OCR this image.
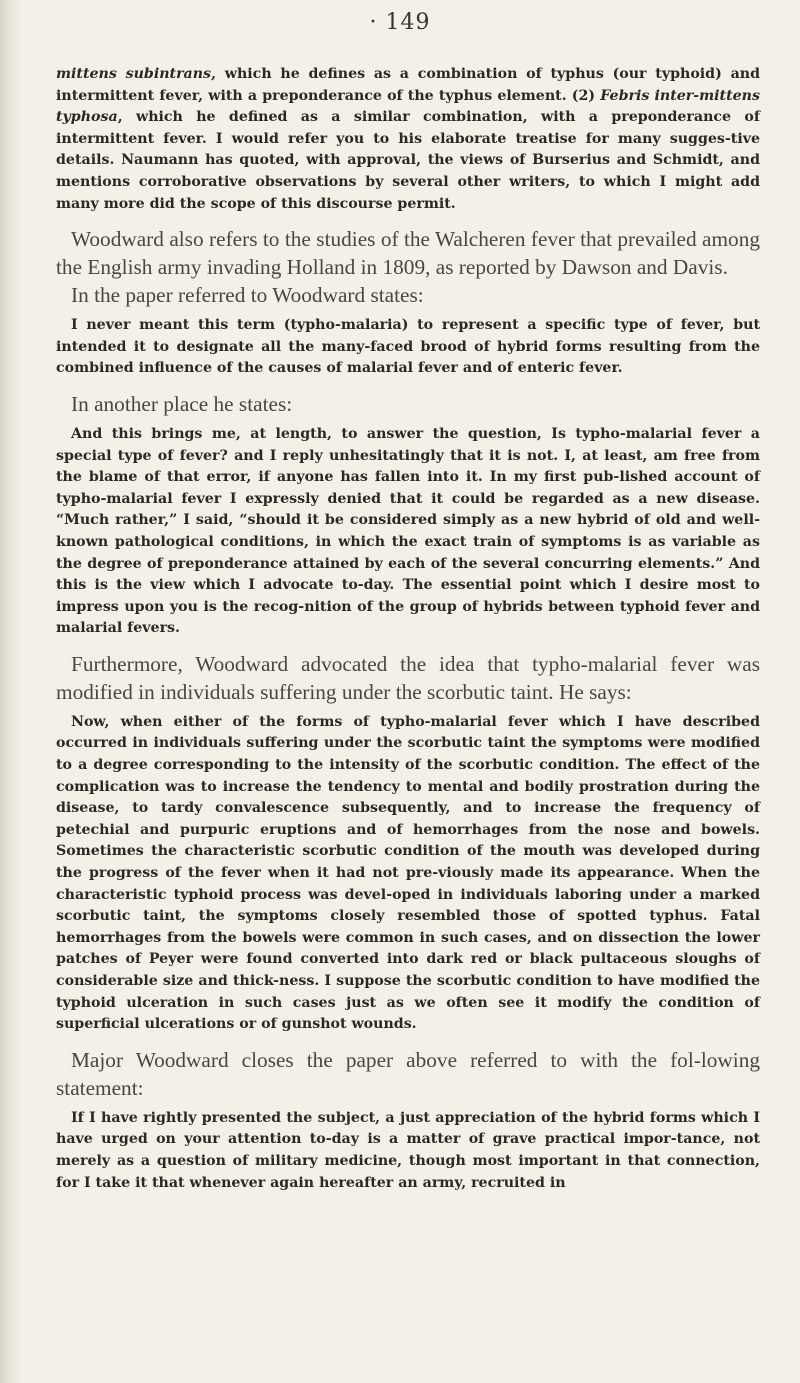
· 149

mittens subintrans, which he defines as a combination of typhus (our typhoid) and intermittent fever, with a preponderance of the typhus element. (2) Febris inter-mittens typhosa, which he defined as a similar combination, with a preponderance of intermittent fever. I would refer you to his elaborate treatise for many sugges-tive details. Naumann has quoted, with approval, the views of Burserius and Schmidt, and mentions corroborative observations by several other writers, to which I might add many more did the scope of this discourse permit.

Woodward also refers to the studies of the Walcheren fever that prevailed among the English army invading Holland in 1809, as reported by Dawson and Davis.

In the paper referred to Woodward states:

I never meant this term (typho-malaria) to represent a specific type of fever, but intended it to designate all the many-faced brood of hybrid forms resulting from the combined influence of the causes of malarial fever and of enteric fever.

In another place he states:

And this brings me, at length, to answer the question, Is typho-malarial fever a special type of fever? and I reply unhesitatingly that it is not. I, at least, am free from the blame of that error, if anyone has fallen into it. In my first pub-lished account of typho-malarial fever I expressly denied that it could be regarded as a new disease. “Much rather,” I said, “should it be considered simply as a new hybrid of old and well-known pathological conditions, in which the exact train of symptoms is as variable as the degree of preponderance attained by each of the several concurring elements.” And this is the view which I advocate to-day. The essential point which I desire most to impress upon you is the recog-nition of the group of hybrids between typhoid fever and malarial fevers.

Furthermore, Woodward advocated the idea that typho-malarial fever was modified in individuals suffering under the scorbutic taint. He says:

Now, when either of the forms of typho-malarial fever which I have described occurred in individuals suffering under the scorbutic taint the symptoms were modified to a degree corresponding to the intensity of the scorbutic condition. The effect of the complication was to increase the tendency to mental and bodily prostration during the disease, to tardy convalescence subsequently, and to increase the frequency of petechial and purpuric eruptions and of hemorrhages from the nose and bowels. Sometimes the characteristic scorbutic condition of the mouth was developed during the progress of the fever when it had not pre-viously made its appearance. When the characteristic typhoid process was devel-oped in individuals laboring under a marked scorbutic taint, the symptoms closely resembled those of spotted typhus. Fatal hemorrhages from the bowels were common in such cases, and on dissection the lower patches of Peyer were found converted into dark red or black pultaceous sloughs of considerable size and thick-ness. I suppose the scorbutic condition to have modified the typhoid ulceration in such cases just as we often see it modify the condition of superficial ulcerations or of gunshot wounds.

Major Woodward closes the paper above referred to with the fol-lowing statement:

If I have rightly presented the subject, a just appreciation of the hybrid forms which I have urged on your attention to-day is a matter of grave practical impor-tance, not merely as a question of military medicine, though most important in that connection, for I take it that whenever again hereafter an army, recruited in
